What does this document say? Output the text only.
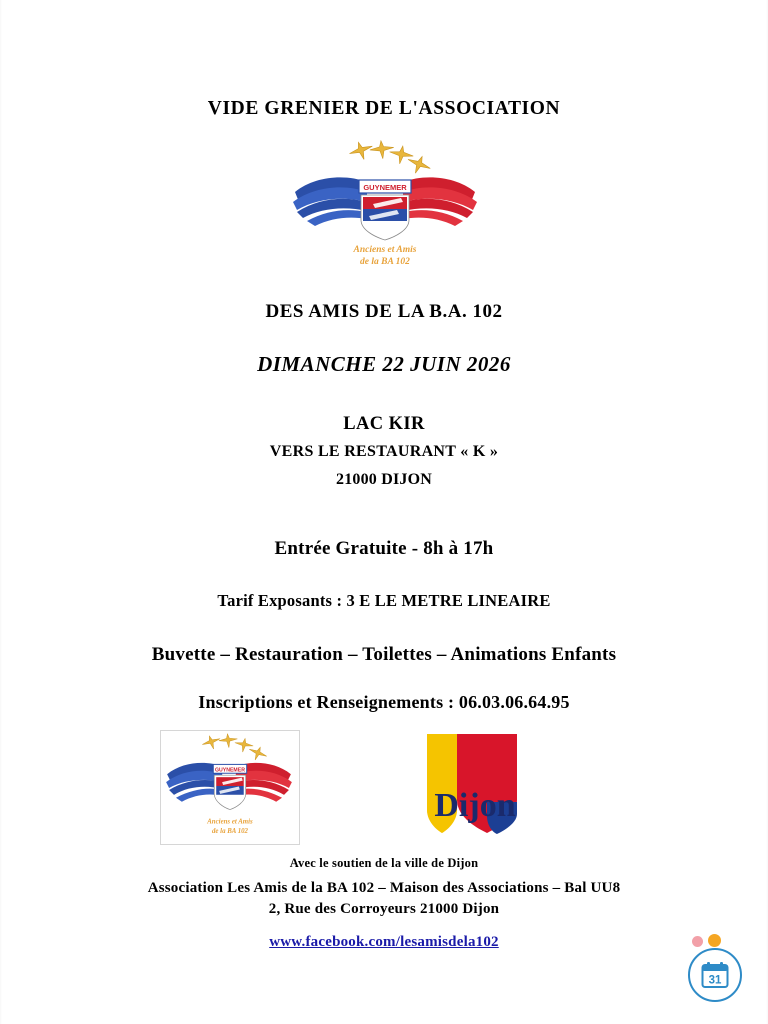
VIDE GRENIER DE L'ASSOCIATION
GUYNEMER
Anciens et Amis
de la BA 102
DES AMIS DE LA B.A. 102
DIMANCHE 22 JUIN 2026
LAC KIR
VERS LE RESTAURANT « K »
21000 DIJON
Entrée Gratuite - 8h à 17h
Tarif Exposants : 3 E LE METRE LINEAIRE
Buvette – Restauration – Toilettes – Animations Enfants
Inscriptions et Renseignements : 06.03.06.64.95
GUYNEMER
Anciens et Amis
de la BA 102
Dijon
Avec le soutien de la ville de Dijon
Association Les Amis de la BA 102 – Maison des Associations – Bal UU8
2, Rue des Corroyeurs 21000 Dijon
www.facebook.com/lesamisdela102
31
